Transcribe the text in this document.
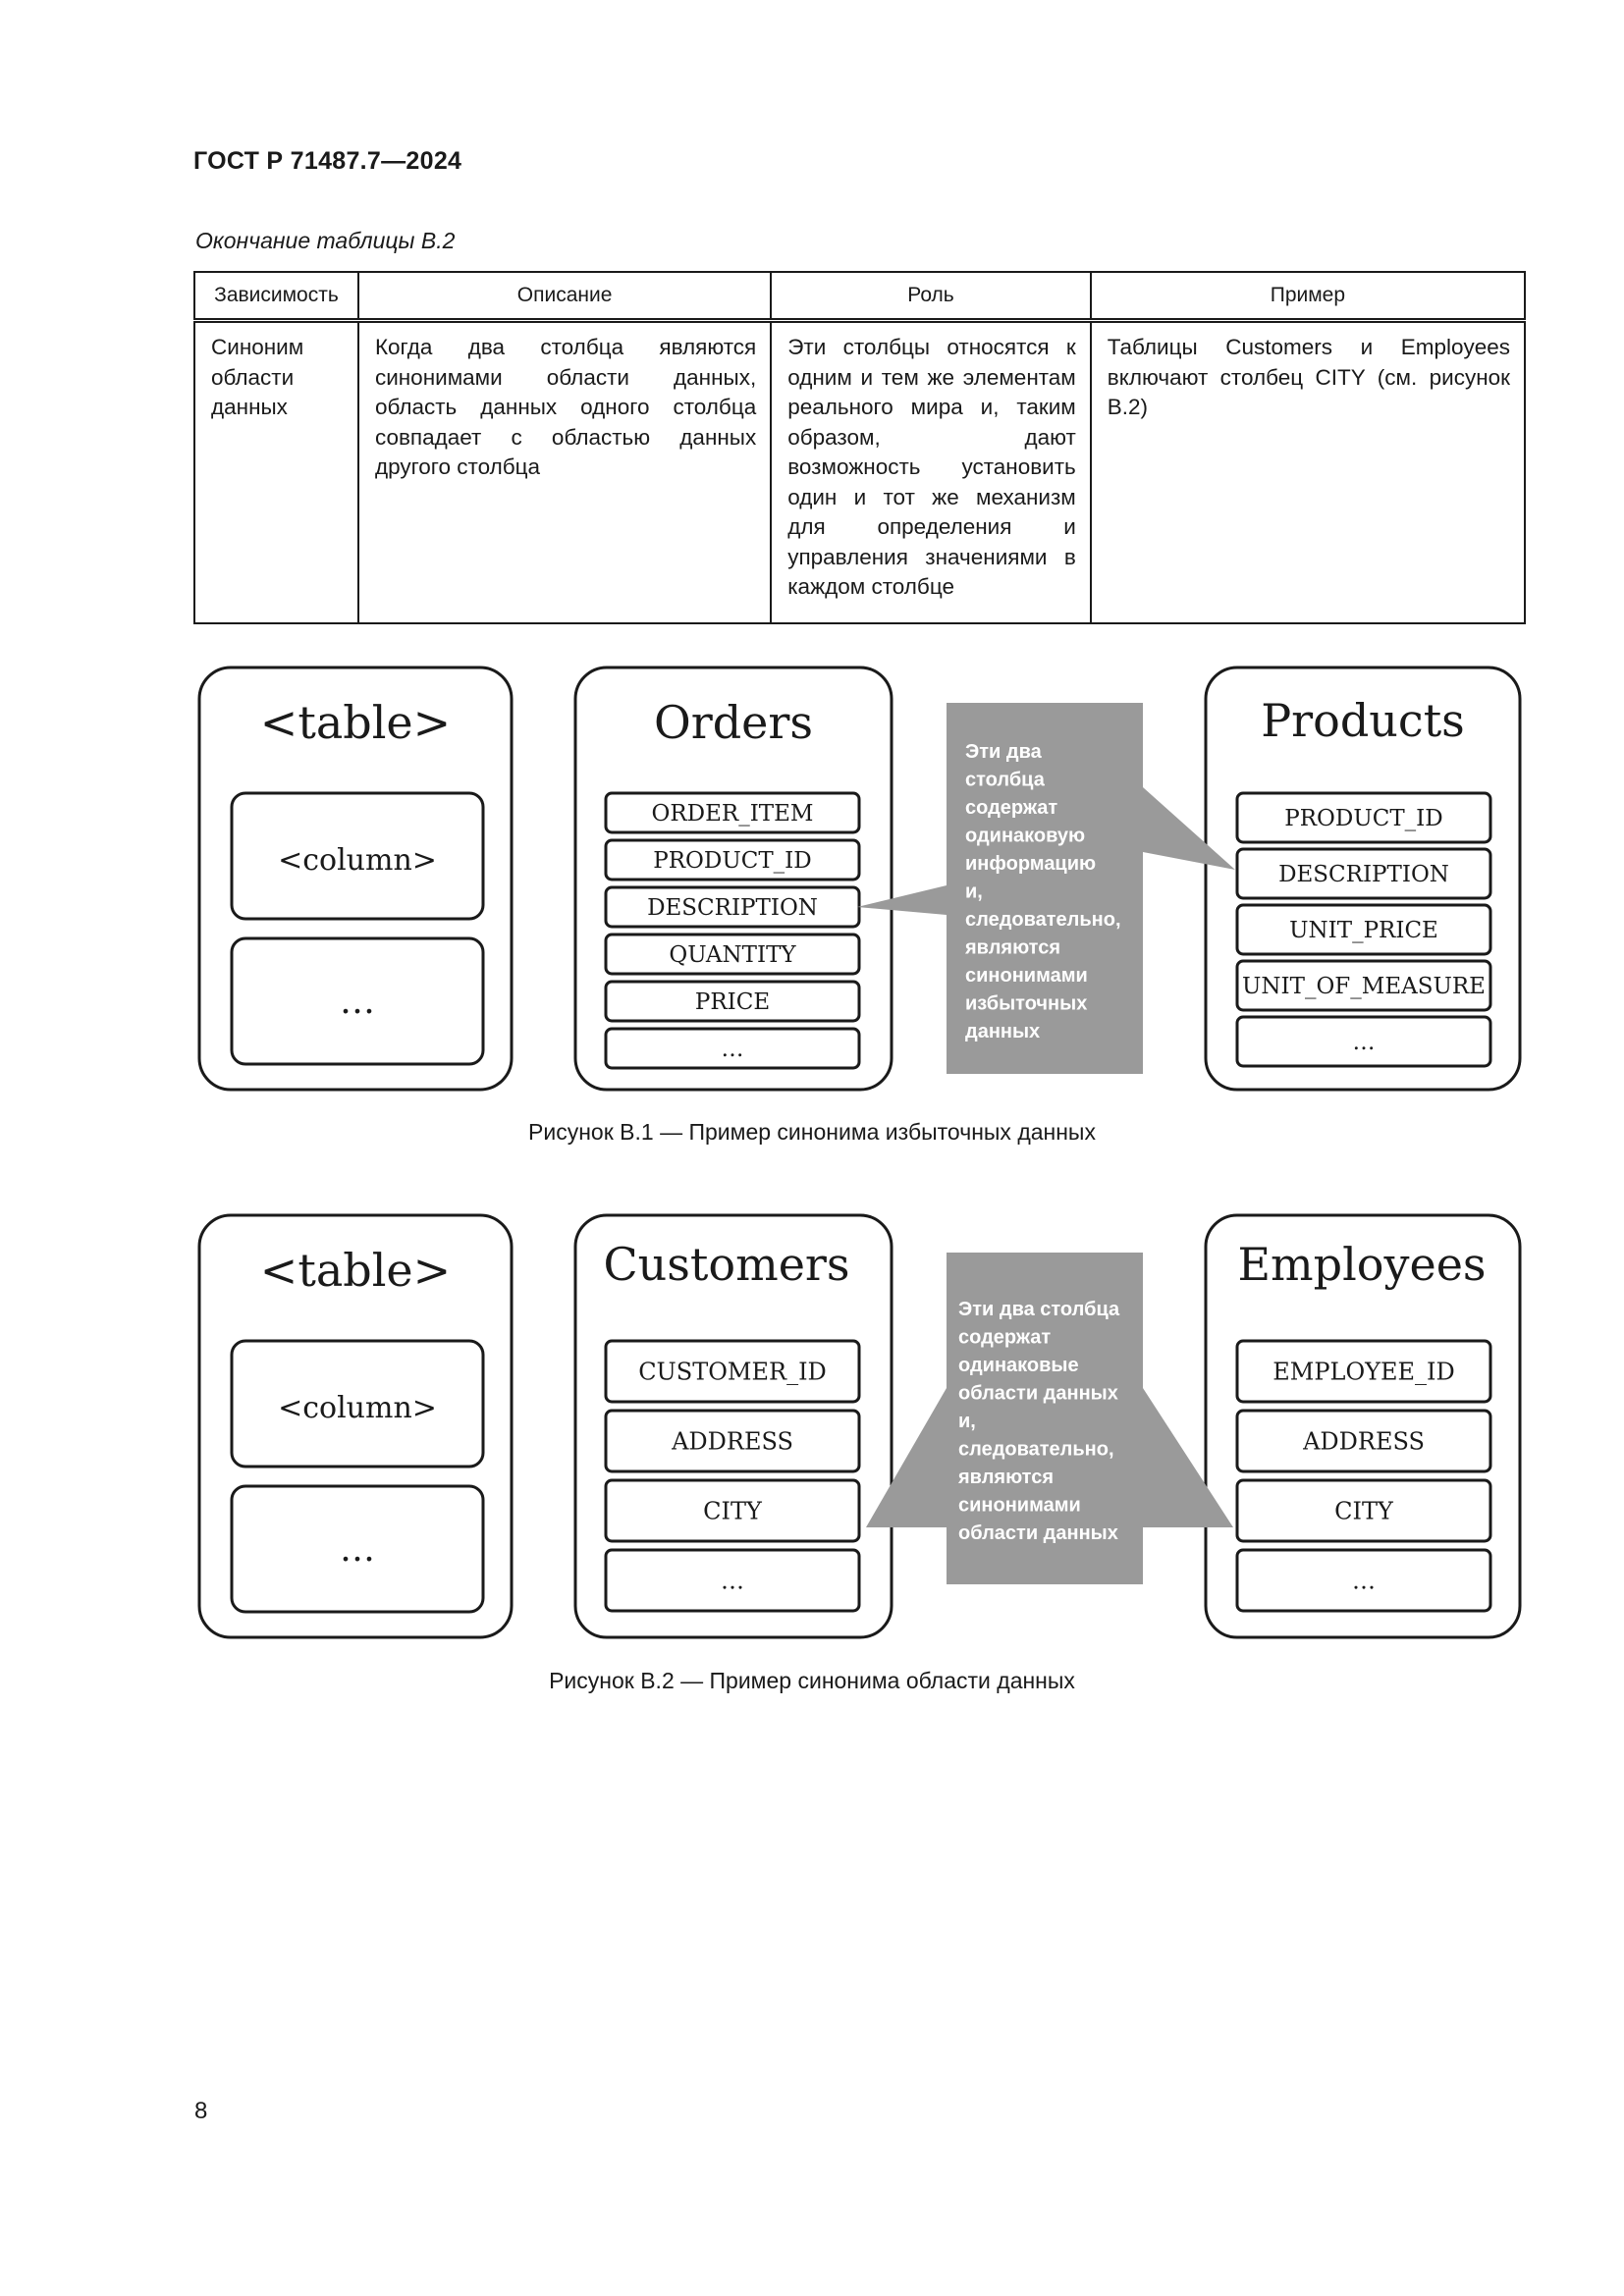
ГОСТ Р 71487.7—2024
Окончание таблицы В.2
Зависимость	Описание	Роль	Пример
Синоним области данных	Когда два столбца являются синонимами области данных, область данных одного столбца совпадает с областью данных другого столбца	Эти столбцы относятся к одним и тем же элементам реального мира и, таким образом, дают возможность установить один и тот же механизм для определения и управления значениями в каждом столбце	Таблицы Customers и Employees включают столбец CITY (см. рисунок В.2)
<table>
<column>
…
Orders	Products
ORDER_ITEM
PRODUCT_ID
DESCRIPTION
QUANTITY
PRICE
…
PRODUCT_ID
DESCRIPTION
UNIT_PRICE
UNIT_OF_MEASURE
…
Эти два
столбца
содержат
одинаковую
информацию
и,
следовательно,
являются
синонимами
избыточных
данных
Рисунок В.1 — Пример синонима избыточных данных
<table>
<column>
…
Customers	Employees
CUSTOMER_ID
ADDRESS
CITY
…
EMPLOYEE_ID
ADDRESS
CITY
…
Эти два столбца
содержат
одинаковые
области данных
и,
следовательно,
являются
синонимами
области данных
Рисунок В.2 — Пример синонима области данных
8
